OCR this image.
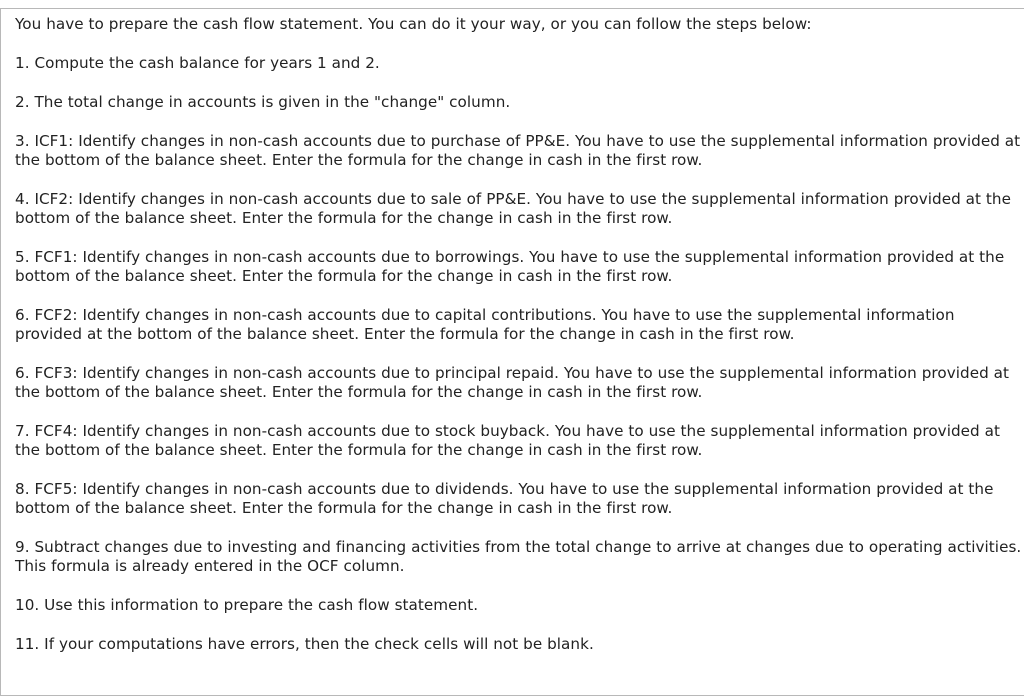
You have to prepare the cash flow statement. You can do it your way, or you can follow the steps below:

1. Compute the cash balance for years 1 and 2.

2. The total change in accounts is given in the "change" column.

3. ICF1: Identify changes in non-cash accounts due to purchase of PP&E. You have to use the supplemental information provided at the bottom of the balance sheet. Enter the formula for the change in cash in the first row.

4. ICF2: Identify changes in non-cash accounts due to sale of PP&E. You have to use the supplemental information provided at the bottom of the balance sheet. Enter the formula for the change in cash in the first row.

5. FCF1: Identify changes in non-cash accounts due to borrowings. You have to use the supplemental information provided at the bottom of the balance sheet. Enter the formula for the change in cash in the first row.

6. FCF2: Identify changes in non-cash accounts due to capital contributions. You have to use the supplemental information provided at the bottom of the balance sheet. Enter the formula for the change in cash in the first row.

6. FCF3: Identify changes in non-cash accounts due to principal repaid. You have to use the supplemental information provided at the bottom of the balance sheet. Enter the formula for the change in cash in the first row.

7. FCF4: Identify changes in non-cash accounts due to stock buyback. You have to use the supplemental information provided at the bottom of the balance sheet. Enter the formula for the change in cash in the first row.

8. FCF5: Identify changes in non-cash accounts due to dividends. You have to use the supplemental information provided at the bottom of the balance sheet. Enter the formula for the change in cash in the first row.

9. Subtract changes due to investing and financing activities from the total change to arrive at changes due to operating activities. This formula is already entered in the OCF column.

10. Use this information to prepare the cash flow statement.

11. If your computations have errors, then the check cells will not be blank.
